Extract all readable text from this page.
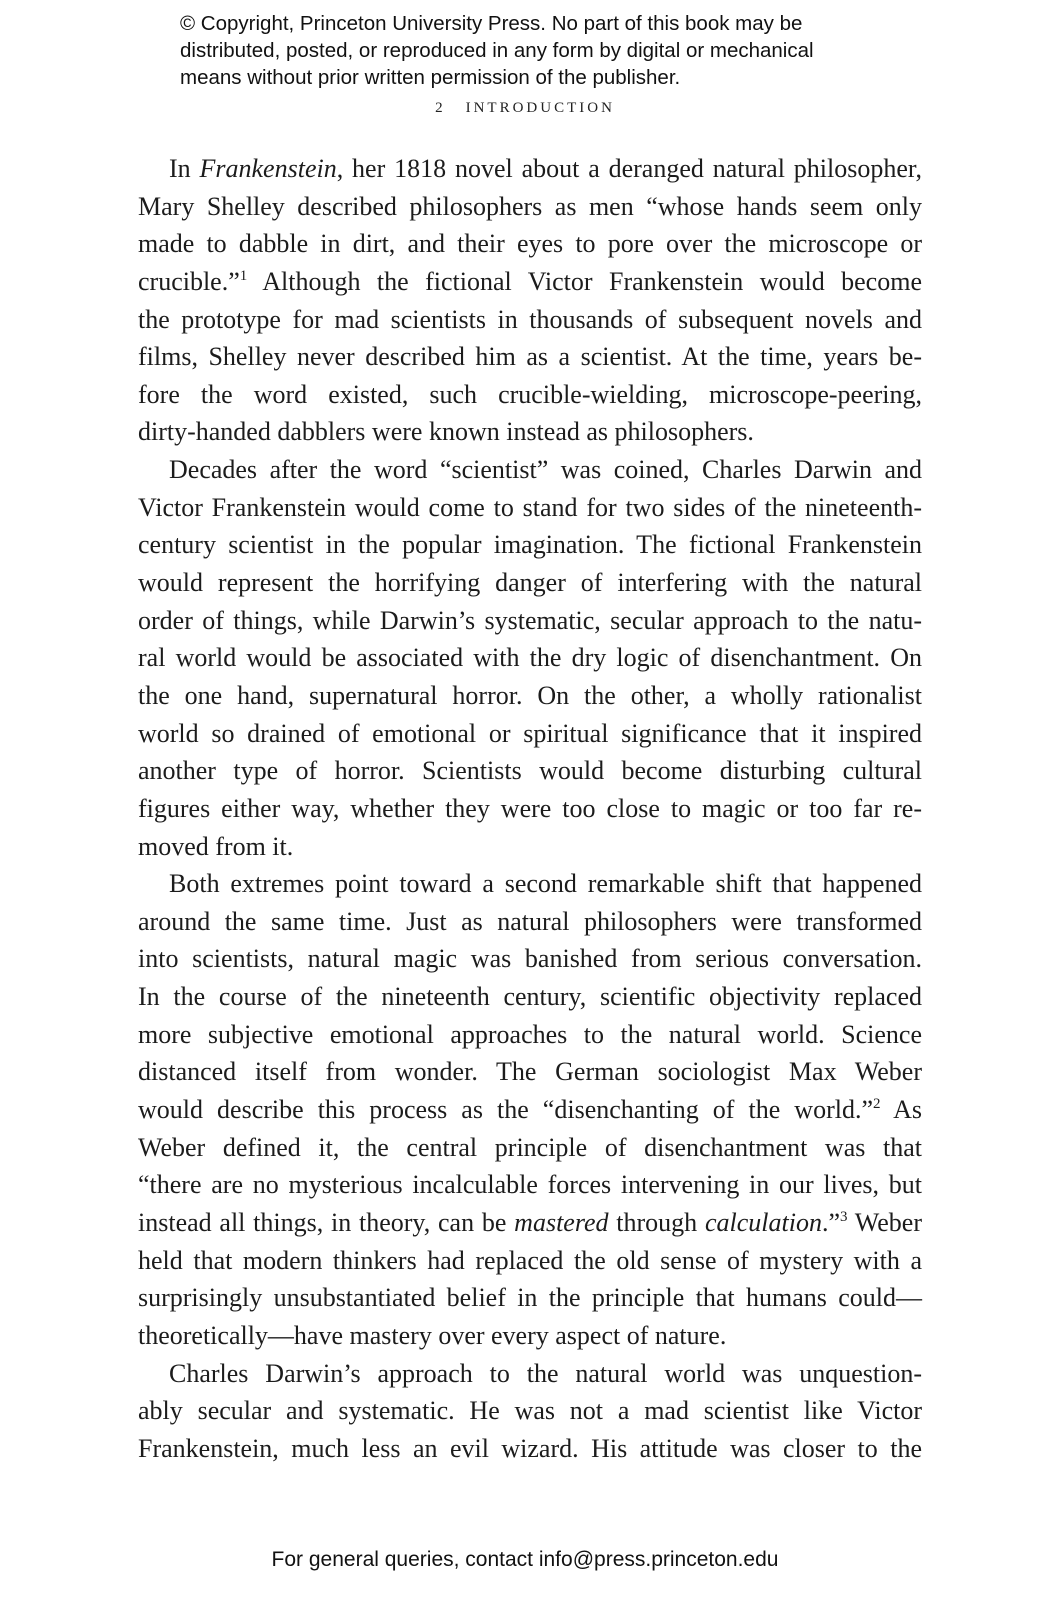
© Copyright, Princeton University Press. No part of this book may be
distributed, posted, or reproduced in any form by digital or mechanical
means without prior written permission of the publisher.
2 INTRODUCTION
In Frankenstein, her 1818 novel about a deranged natural philosopher,
Mary Shelley described philosophers as men “whose hands seem only
made to dabble in dirt, and their eyes to pore over the microscope or
crucible.”$^1$ Although the fictional Victor Frankenstein would become
the prototype for mad scientists in thousands of subsequent novels and
films, Shelley never described him as a scientist. At the time, years be-
fore the word existed, such crucible-wielding, microscope-peering,
dirty-handed dabblers were known instead as philosophers.
Decades after the word “scientist” was coined, Charles Darwin and
Victor Frankenstein would come to stand for two sides of the nineteenth-
century scientist in the popular imagination. The fictional Frankenstein
would represent the horrifying danger of interfering with the natural
order of things, while Darwin’s systematic, secular approach to the natu-
ral world would be associated with the dry logic of disenchantment. On
the one hand, supernatural horror. On the other, a wholly rationalist
world so drained of emotional or spiritual significance that it inspired
another type of horror. Scientists would become disturbing cultural
figures either way, whether they were too close to magic or too far re-
moved from it.
Both extremes point toward a second remarkable shift that happened
around the same time. Just as natural philosophers were transformed
into scientists, natural magic was banished from serious conversation.
In the course of the nineteenth century, scientific objectivity replaced
more subjective emotional approaches to the natural world. Science
distanced itself from wonder. The German sociologist Max Weber
would describe this process as the “disenchanting of the world.”$^2$ As
Weber defined it, the central principle of disenchantment was that
“there are no mysterious incalculable forces intervening in our lives, but
instead all things, in theory, can be mastered through calculation.”$^3$ Weber
held that modern thinkers had replaced the old sense of mystery with a
surprisingly unsubstantiated belief in the principle that humans could—
theoretically—have mastery over every aspect of nature.
Charles Darwin’s approach to the natural world was unquestion-
ably secular and systematic. He was not a mad scientist like Victor
Frankenstein, much less an evil wizard. His attitude was closer to the
For general queries, contact info@press.princeton.edu
